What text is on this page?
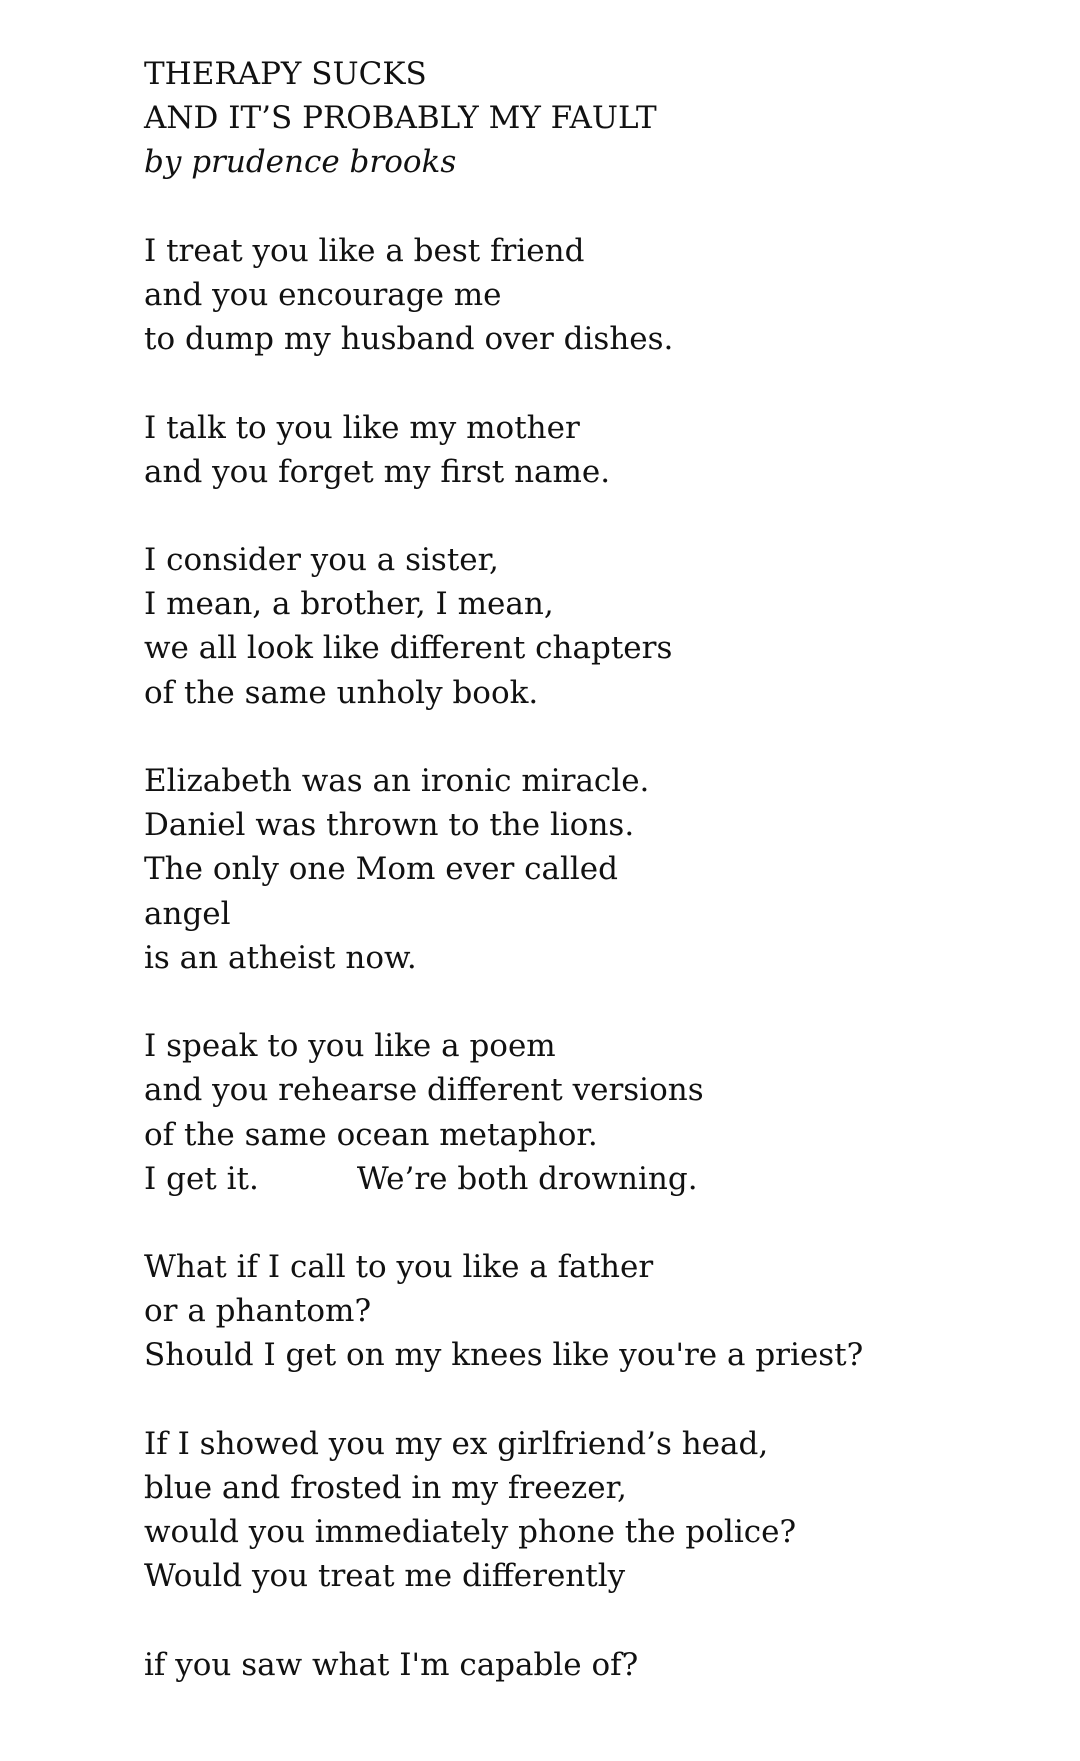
THERAPY SUCKS
AND IT’S PROBABLY MY FAULT
by prudence brooks
I treat you like a best friend
and you encourage me
to dump my husband over dishes.
I talk to you like my mother
and you forget my first name.
I consider you a sister,
I mean, a brother, I mean,
we all look like different chapters
of the same unholy book.
Elizabeth was an ironic miracle.
Daniel was thrown to the lions.
The only one Mom ever called
angel
is an atheist now.
I speak to you like a poem
and you rehearse different versions
of the same ocean metaphor.
I get it.	We’re both drowning.
What if I call to you like a father
or a phantom?
Should I get on my knees like you're a priest?
If I showed you my ex girlfriend’s head,
blue and frosted in my freezer,
would you immediately phone the police?
Would you treat me differently
if you saw what I'm capable of?
